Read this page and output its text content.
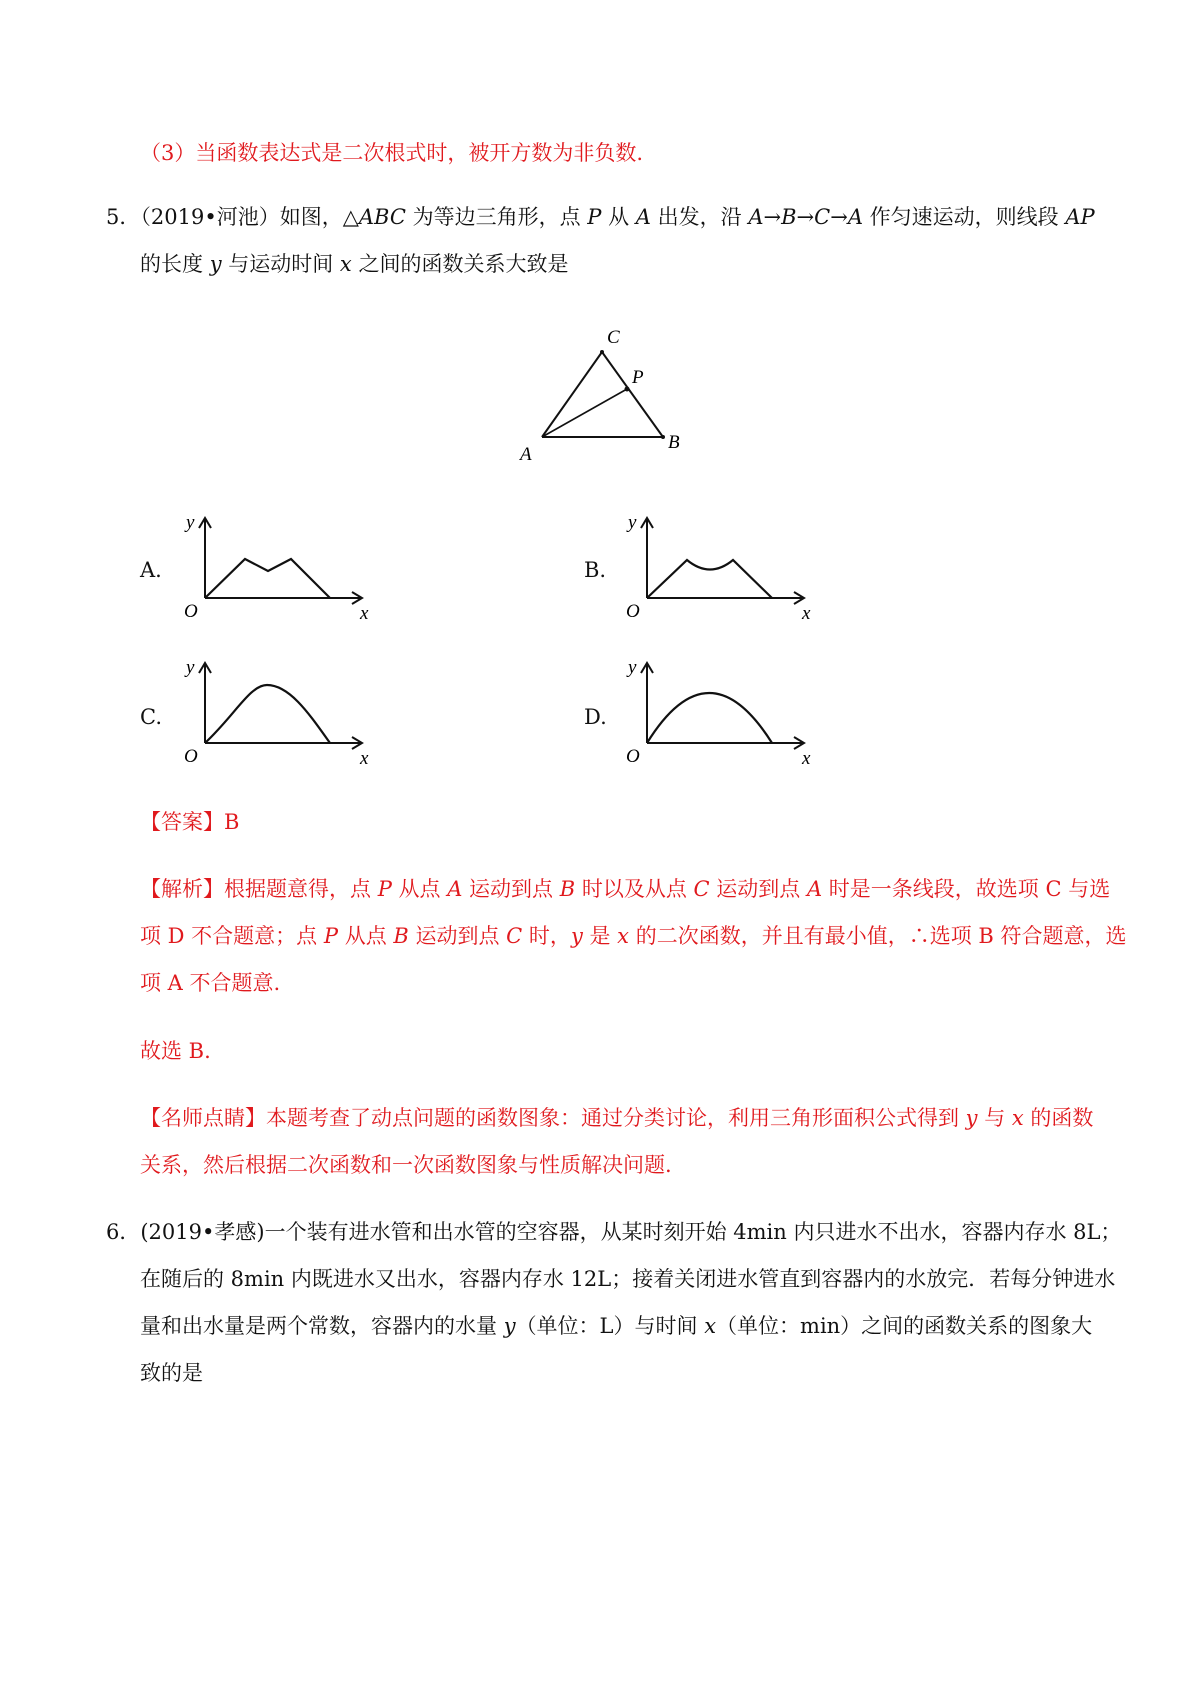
（3）当函数表达式是二次根式时，被开方数为非负数.
5．（2019•河池）如图，△ABC 为等边三角形，点 P 从 A 出发，沿 A→B→C→A 作匀速运动，则线段 AP
的长度 y 与运动时间 x 之间的函数关系大致是
C
P
B
A
A.
y
O	x
B.
y
O	x
C.
y
O	x
D.
y
O	x
【答案】B
【解析】根据题意得，点 P 从点 A 运动到点 B 时以及从点 C 运动到点 A 时是一条线段，故选项 C 与选
项 D 不合题意；点 P 从点 B 运动到点 C 时，y 是 x 的二次函数，并且有最小值，∴选项 B 符合题意，选
项 A 不合题意.
故选 B.
【名师点睛】本题考查了动点问题的函数图象：通过分类讨论，利用三角形面积公式得到 y 与 x 的函数
关系，然后根据二次函数和一次函数图象与性质解决问题.
6．(2019•孝感)一个装有进水管和出水管的空容器，从某时刻开始 4min 内只进水不出水，容器内存水 8L；
在随后的 8min 内既进水又出水，容器内存水 12L；接着关闭进水管直到容器内的水放完．若每分钟进水
量和出水量是两个常数，容器内的水量 y（单位：L）与时间 x（单位：min）之间的函数关系的图象大
致的是
